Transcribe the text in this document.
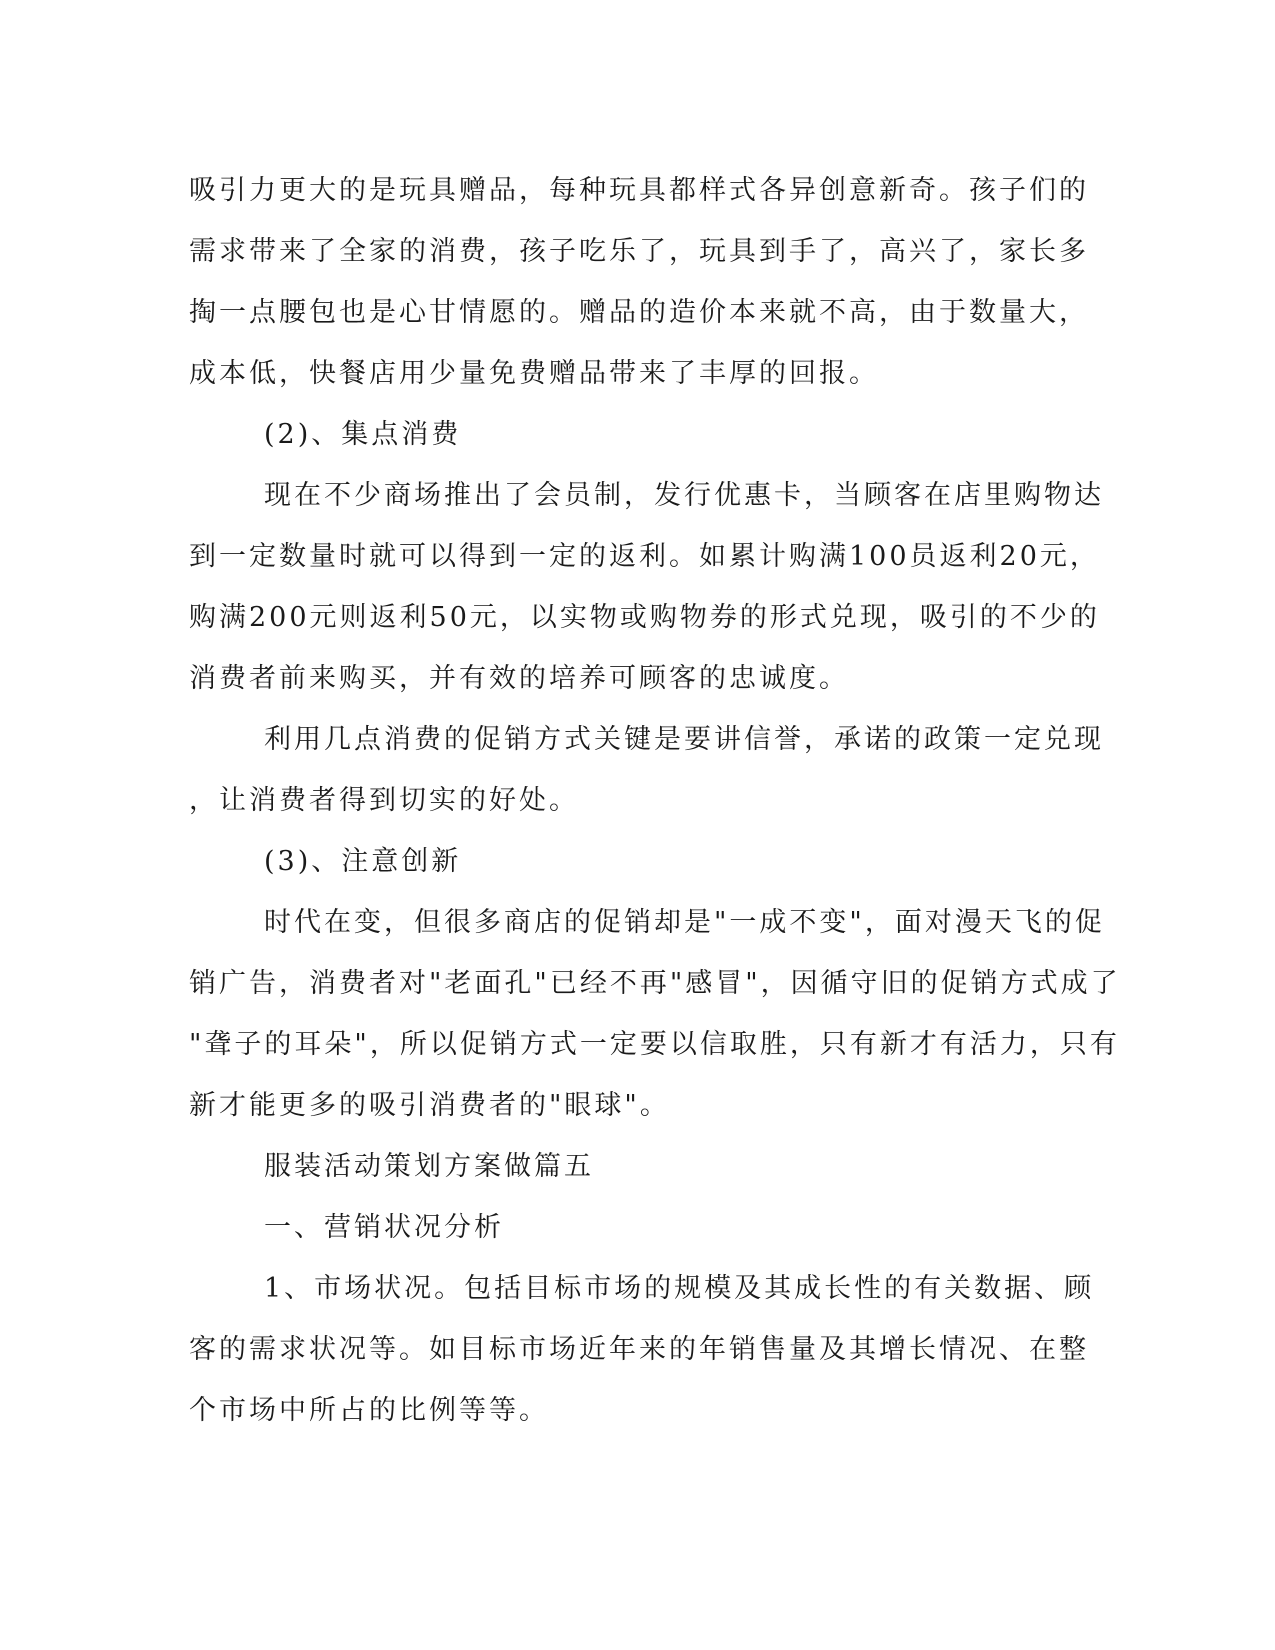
吸引力更大的是玩具赠品，每种玩具都样式各异创意新奇。孩子们的
需求带来了全家的消费，孩子吃乐了，玩具到手了，高兴了，家长多
掏一点腰包也是心甘情愿的。赠品的造价本来就不高，由于数量大，
成本低，快餐店用少量免费赠品带来了丰厚的回报。
(2)、集点消费
现在不少商场推出了会员制，发行优惠卡，当顾客在店里购物达
到一定数量时就可以得到一定的返利。如累计购满100员返利20元，
购满200元则返利50元，以实物或购物券的形式兑现，吸引的不少的
消费者前来购买，并有效的培养可顾客的忠诚度。
利用几点消费的促销方式关键是要讲信誉，承诺的政策一定兑现
，让消费者得到切实的好处。
(3)、注意创新
时代在变，但很多商店的促销却是"一成不变"，面对漫天飞的促
销广告，消费者对"老面孔"已经不再"感冒"，因循守旧的促销方式成了
"聋子的耳朵"，所以促销方式一定要以信取胜，只有新才有活力，只有
新才能更多的吸引消费者的"眼球"。
服装活动策划方案做篇五
一、营销状况分析
1、市场状况。包括目标市场的规模及其成长性的有关数据、顾
客的需求状况等。如目标市场近年来的年销售量及其增长情况、在整
个市场中所占的比例等等。
